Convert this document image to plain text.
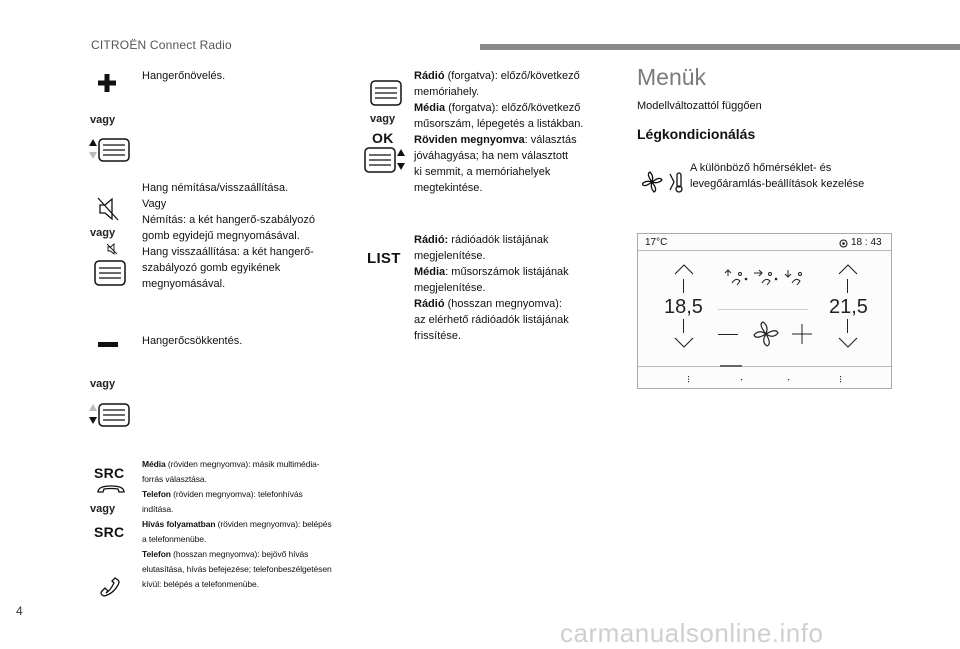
CITROËN Connect Radio
vagy
Hangerőnövelés.
vagy
Hang némítása/visszaállítása.
Vagy
Némítás: a két hangerő-szabályozó
gomb egyidejű megnyomásával.
Hang visszaállítása: a két hangerő-
szabályozó gomb egyikének
megnyomásával.
vagy
Hangerőcsökkentés.
SRC
vagy
SRC
Média (röviden megnyomva): másik multimédia-
forrás választása.
Telefon (röviden megnyomva): telefonhívás
indítása.
Hívás folyamatban (röviden megnyomva): belépés
a telefonmenübe.
Telefon (hosszan megnyomva): bejövő hívás
elutasítása, hívás befejezése; telefonbeszélgetésen
kívül: belépés a telefonmenübe.
vagy
OK
Rádió (forgatva): előző/következő
memóriahely.
Média (forgatva): előző/következő
műsorszám, lépegetés a listákban.
Röviden megnyomva: választás
jóváhagyása; ha nem választott
ki semmit, a memóriahelyek
megtekintése.
LIST
Rádió: rádióadók listájának
megjelenítése.
Média: műsorszámok listájának
megjelenítése.
Rádió (hosszan megnyomva):
az elérhető rádióadók listájának
frissítése.
Menük
Modellváltozattól függően
Légkondicionálás
A különböző hőmérséklet- és
levegőáramlás-beállítások kezelése
17°C	18 : 43
18,5	21,5
4
carmanualsonline.info
